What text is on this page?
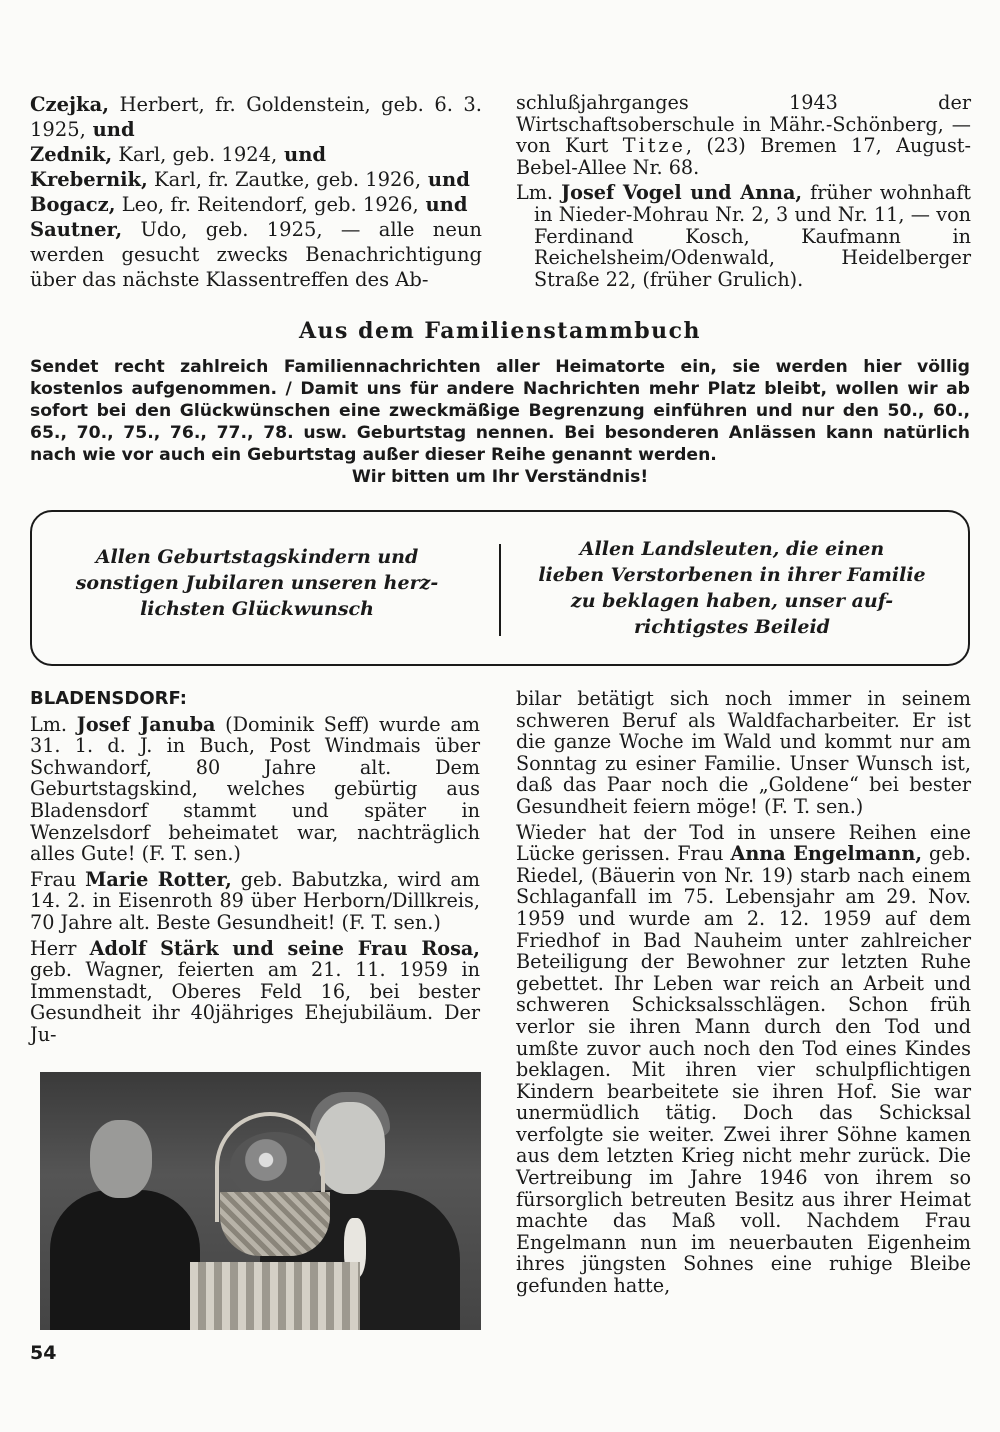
Czejka, Herbert, fr. Goldenstein, geb. 6. 3. 1925, und

Zednik, Karl, geb. 1924, und

Krebernik, Karl, fr. Zautke, geb. 1926, und

Bogacz, Leo, fr. Reitendorf, geb. 1926, und

Sautner, Udo, geb. 1925, — alle neun werden gesucht zwecks Benachrichtigung über das nächste Klassentreffen des Ab-

schlußjahrganges 1943 der Wirtschaftsoberschule in Mähr.-Schönberg, — von Kurt Titze, (23) Bremen 17, August-Bebel-Allee Nr. 68.

Lm. Josef Vogel und Anna, früher wohnhaft in Nieder-Mohrau Nr. 2, 3 und Nr. 11, — von Ferdinand Kosch, Kaufmann in Reichelsheim/Odenwald, Heidelberger Straße 22, (früher Grulich).

Aus dem Familienstammbuch
Sendet recht zahlreich Familiennachrichten aller Heimatorte ein, sie werden hier völlig kostenlos aufgenommen. / Damit uns für andere Nachrichten mehr Platz bleibt, wollen wir ab sofort bei den Glückwünschen eine zweckmäßige Begrenzung einführen und nur den 50., 60., 65., 70., 75., 76., 77., 78. usw. Geburtstag nennen. Bei besonderen Anlässen kann natürlich nach wie vor auch ein Geburtstag außer dieser Reihe genannt werden.
Wir bitten um Ihr Verständnis!
Allen Geburtstagskindern und
sonstigen Jubilaren unseren herz-
lichsten Glückwunsch
Allen Landsleuten, die einen
lieben Verstorbenen in ihrer Familie
zu beklagen haben, unser auf-
richtigstes Beileid

BLADENSDORF:

Lm. Josef Januba (Dominik Seff) wurde am 31. 1. d. J. in Buch, Post Windmais über Schwandorf, 80 Jahre alt. Dem Geburtstagskind, welches gebürtig aus Bladensdorf stammt und später in Wenzelsdorf beheimatet war, nachträglich alles Gute! (F. T. sen.)

Frau Marie Rotter, geb. Babutzka, wird am 14. 2. in Eisenroth 89 über Herborn/Dillkreis, 70 Jahre alt. Beste Gesundheit! (F. T. sen.)

Herr Adolf Stärk und seine Frau Rosa, geb. Wagner, feierten am 21. 11. 1959 in Immenstadt, Oberes Feld 16, bei bester Gesundheit ihr 40jähriges Ehejubiläum. Der Ju-

bilar betätigt sich noch immer in seinem schweren Beruf als Waldfacharbeiter. Er ist die ganze Woche im Wald und kommt nur am Sonntag zu esiner Familie. Unser Wunsch ist, daß das Paar noch die „Goldene“ bei bester Gesundheit feiern möge! (F. T. sen.)

Wieder hat der Tod in unsere Reihen eine Lücke gerissen. Frau Anna Engelmann, geb. Riedel, (Bäuerin von Nr. 19) starb nach einem Schlaganfall im 75. Lebensjahr am 29. Nov. 1959 und wurde am 2. 12. 1959 auf dem Friedhof in Bad Nauheim unter zahlreicher Beteiligung der Bewohner zur letzten Ruhe gebettet. Ihr Leben war reich an Arbeit und schweren Schicksalsschlägen. Schon früh verlor sie ihren Mann durch den Tod und umßte zuvor auch noch den Tod eines Kindes beklagen. Mit ihren vier schulpflichtigen Kindern bearbeitete sie ihren Hof. Sie war unermüdlich tätig. Doch das Schicksal verfolgte sie weiter. Zwei ihrer Söhne kamen aus dem letzten Krieg nicht mehr zurück. Die Vertreibung im Jahre 1946 von ihrem so fürsorglich betreuten Besitz aus ihrer Heimat machte das Maß voll. Nachdem Frau Engelmann nun im neuerbauten Eigenheim ihres jüngsten Sohnes eine ruhige Bleibe gefunden hatte,

54
